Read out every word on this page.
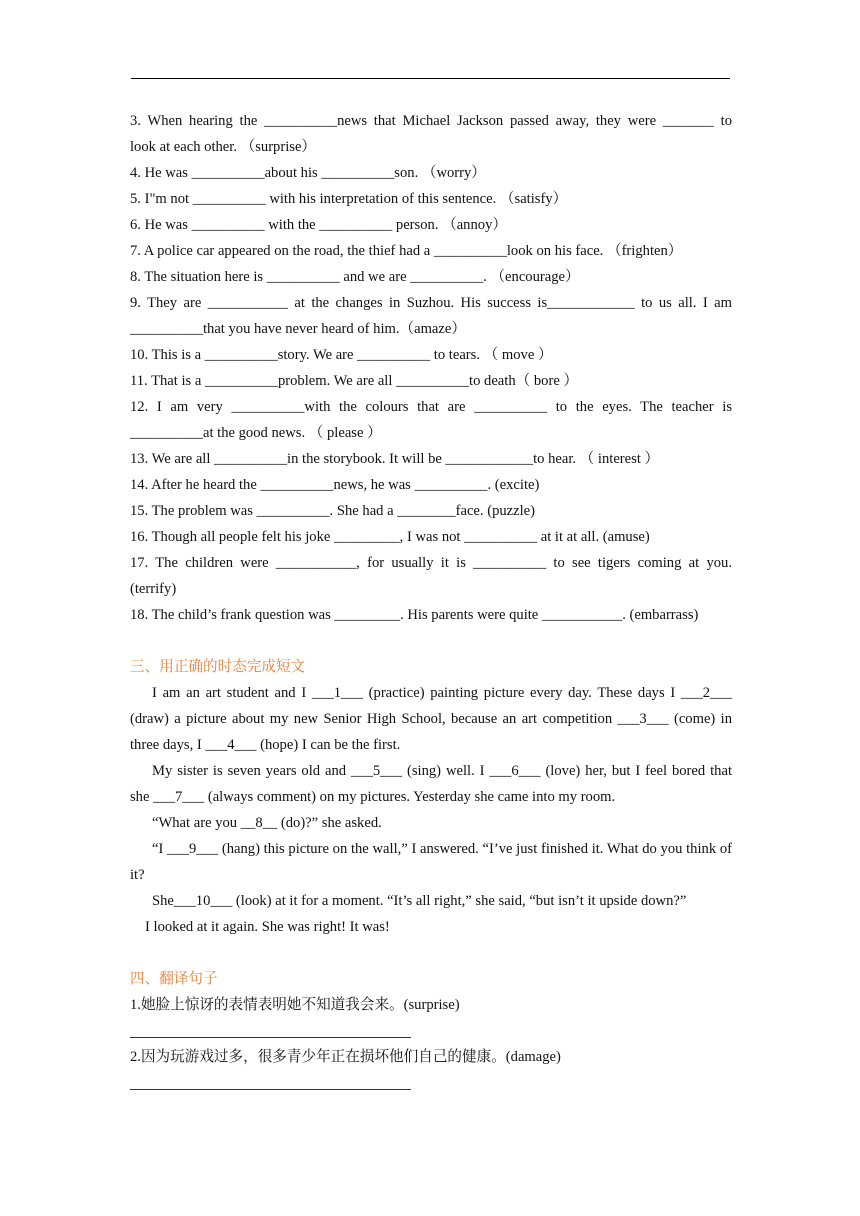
3. When hearing the __________news that Michael Jackson passed away, they were _______ to

look at each other. （surprise）

4. He was __________about his __________son. （worry）

5. I"m not __________ with his interpretation of this sentence. （satisfy）

6. He was __________ with the __________ person. （annoy）

7. A police car appeared on the road, the thief had a __________look on his face. （frighten）

8. The situation here is __________ and we are __________. （encourage）

9. They are ___________ at the changes in Suzhou. His success is____________ to us all. I am

__________that you have never heard of him.（amaze）

10. This is a __________story. We are __________ to tears. （ move ）

11. That is a __________problem. We are all __________to death（ bore ）

12. I am very __________with the colours that are __________ to the eyes. The teacher is

__________at the good news. （ please ）

13. We are all __________in the storybook. It will be ____________to hear. （ interest ）

14. After he heard the __________news, he was __________. (excite)

15. The problem was __________. She had a ________face. (puzzle)

16. Though all people felt his joke _________, I was not __________ at it at all. (amuse)

17. The children were ___________, for usually it is __________ to see tigers coming at you.

(terrify)

18. The child’s frank question was _________. His parents were quite ___________. (embarrass)

三、用正确的时态完成短文

I am an art student and I ___1___ (practice) painting picture every day. These days I ___2___ (draw) a picture about my new Senior High School, because an art competition ___3___ (come) in three days, I ___4___ (hope) I can be the first.

My sister is seven years old and ___5___ (sing) well. I ___6___ (love) her, but I feel bored that she ___7___ (always comment) on my pictures. Yesterday she came into my room.

“What are you __8__ (do)?” she asked.

“I ___9___ (hang) this picture on the wall,” I answered. “I’ve just finished it. What do you think of it?

She___10___ (look) at it for a moment. “It’s all right,” she said, “but isn’t it upside down?”

I looked at it again. She was right! It was!

四、翻译句子

1.她脸上惊讶的表情表明她不知道我会来。(surprise)

2.因为玩游戏过多，很多青少年正在损坏他们自己的健康。(damage)
